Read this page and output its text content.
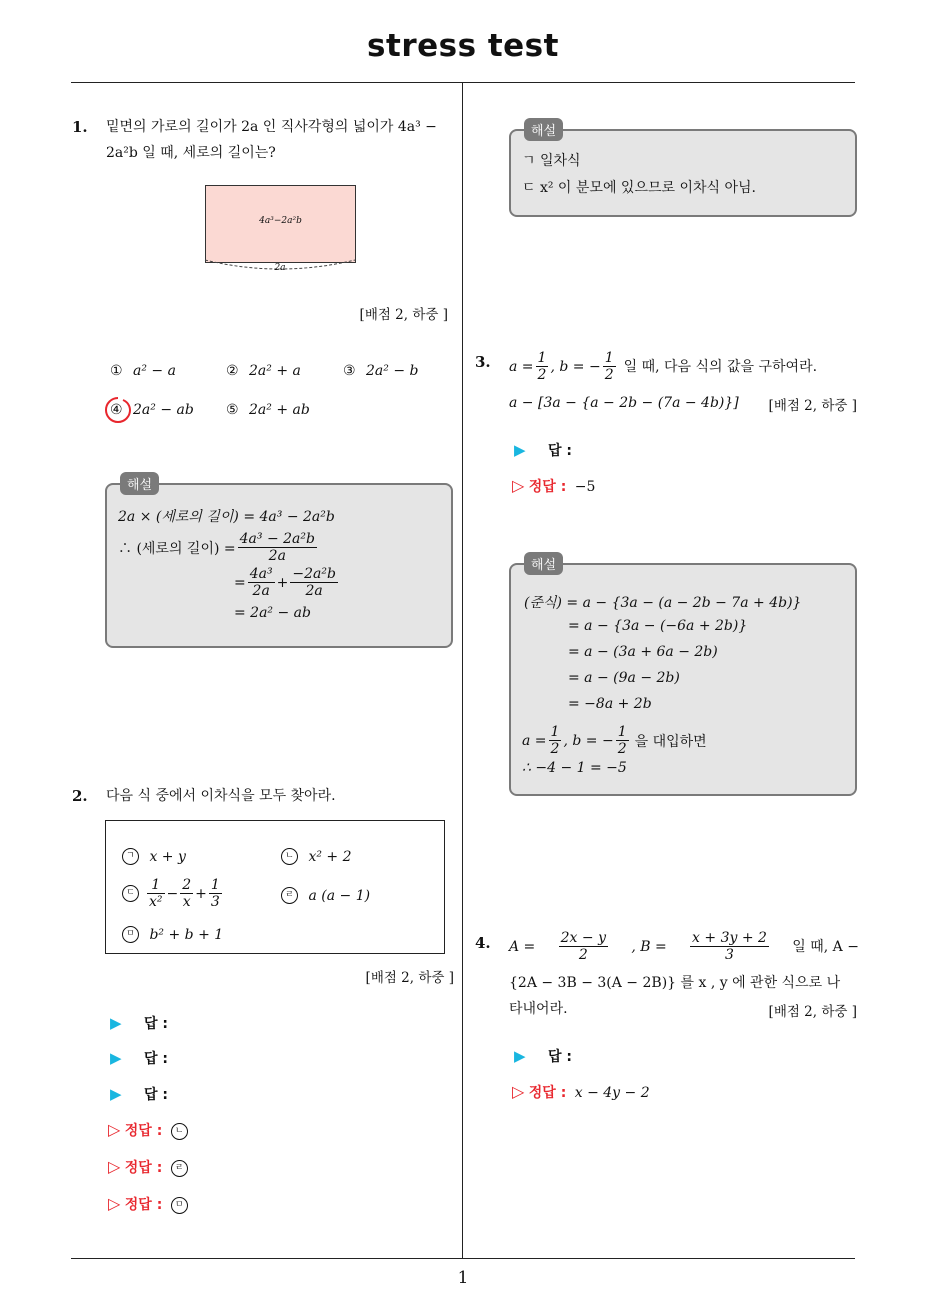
stress test
1
1. 밑면의 가로의 길이가 2a 인 직사각형의 넓이가 4a³ −
2a²b 일 때, 세로의 길이는?
4a³−2a²b
2a
[배점 2, 하중 ]
① a² − a	② 2a² + a	③ 2a² − b
④ 2a² − ab ⑤ 2a² + ab
해설
2a × (세로의 길이) = 4a³ − 2a²b
∴ (세로의 길이) = $\frac{\text{4a³ − 2a²b}}{2a}$
= $\frac{\text{4a³}}{2a} + \frac{\text{−2a²b}}{2a}$
= 2a² − ab
2. 다음 식 중에서 이차식을 모두 찾아라.
ㄱ x + y	ㄴ x² + 2
ㄷ $\frac{1}{\text{x²}} - \frac{2}{x} + \frac{1}{3}$	ㄹ a (a − 1)
ㅁ b² + b + 1
[배점 2, 하중 ]
▶ 답 :
▶ 답 :
▶ 답 :
▷ 정답 : ㄴ
▷ 정답 : ㄹ
▷ 정답 : ㅁ
해설
ㄱ 일차식
ㄷ x² 이 분모에 있으므로 이차식 아님.
3. $a = \frac{1}{2}$ , b = − $\frac{1}{2}$ 일 때, 다음 식의 값을 구하여라.
a − [3a − {a − 2b − (7a − 4b)}]	[배점 2, 하중 ]
▶ 답 :
▷ 정답 : −5
해설
(준식) = a − {3a − (a − 2b − 7a + 4b)}
= a − {3a − (−6a + 2b)}
= a − (3a + 6a − 2b)
= a − (9a − 2b)
= −8a + 2b
$a = \frac{1}{2}$ , b = − $\frac{1}{2}$ 을 대입하면
∴ −4 − 1 = −5
4. $A = \frac{2x - y}{2}$ , $B = \frac{x + 3y + 2}{3}$ 일 때, A −
{2A − 3B − 3(A − 2B)} 를 x , y 에 관한 식으로 나
타내어라.	[배점 2, 하중 ]
▶ 답 :
▷ 정답 : x − 4y − 2
